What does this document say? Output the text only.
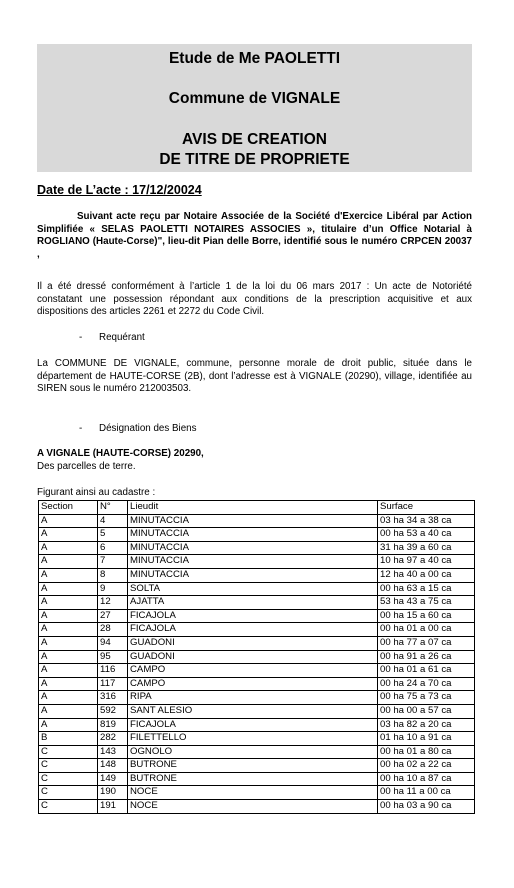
Etude de Me PAOLETTI
Commune de VIGNALE
AVIS DE CREATION
DE TITRE DE PROPRIETE
Date de L’acte : 17/12/20024
Suivant acte reçu par Notaire Associée de la Société d'Exercice Libéral par Action Simplifiée « SELAS PAOLETTI NOTAIRES ASSOCIES », titulaire d’un Office Notarial à ROGLIANO (Haute-Corse)", lieu-dit Pian delle Borre, identifié sous le numéro CRPCEN 20037 ,
Il a été dressé conformément à l’article 1 de la loi du 06 mars 2017 : Un acte de Notoriété constatant une possession répondant aux conditions de la prescription acquisitive et aux dispositions des articles 2261 et 2272 du Code Civil.
- Requérant
La COMMUNE DE VIGNALE, commune, personne morale de droit public, située dans le département de HAUTE-CORSE (2B), dont l’adresse est à VIGNALE (20290), village, identifiée au SIREN sous le numéro 212003503.
- Désignation des Biens
A VIGNALE (HAUTE-CORSE) 20290,
Des parcelles de terre.
Figurant ainsi au cadastre :
Section	N°	Lieudit	Surface
A	4	MINUTACCIA	03 ha 34 a 38 ca
A	5	MINUTACCIA	00 ha 53 a 40 ca
A	6	MINUTACCIA	31 ha 39 a 60 ca
A	7	MINUTACCIA	10 ha 97 a 40 ca
A	8	MINUTACCIA	12 ha 40 a 00 ca
A	9	SOLTA	00 ha 63 a 15 ca
A	12	AJATTA	53 ha 43 a 75 ca
A	27	FICAJOLA	00 ha 15 a 60 ca
A	28	FICAJOLA	00 ha 01 a 00 ca
A	94	GUADONI	00 ha 77 a 07 ca
A	95	GUADONI	00 ha 91 a 26 ca
A	116	CAMPO	00 ha 01 a 61 ca
A	117	CAMPO	00 ha 24 a 70 ca
A	316	RIPA	00 ha 75 a 73 ca
A	592	SANT ALESIO	00 ha 00 a 57 ca
A	819	FICAJOLA	03 ha 82 a 20 ca
B	282	FILETTELLO	01 ha 10 a 91 ca
C	143	OGNOLO	00 ha 01 a 80 ca
C	148	BUTRONE	00 ha 02 a 22 ca
C	149	BUTRONE	00 ha 10 a 87 ca
C	190	NOCE	00 ha 11 a 00 ca
C	191	NOCE	00 ha 03 a 90 ca
